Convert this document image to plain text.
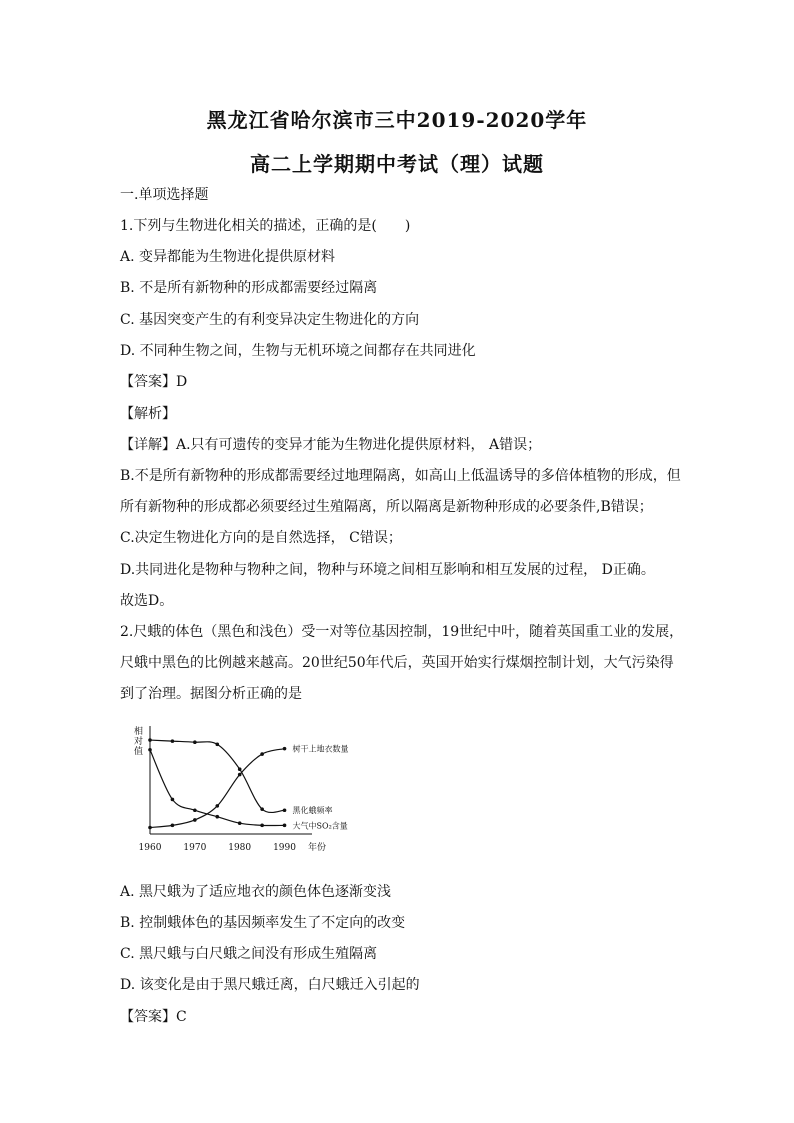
黑龙江省哈尔滨市三中2019-2020学年
高二上学期期中考试（理）试题
一.单项选择题
1.下列与生物进化相关的描述，正确的是(　　)
A. 变异都能为生物进化提供原材料
B. 不是所有新物种的形成都需要经过隔离
C. 基因突变产生的有利变异决定生物进化的方向
D. 不同种生物之间，生物与无机环境之间都存在共同进化
【答案】D
【解析】
【详解】A.只有可遗传的变异才能为生物进化提供原材料， A错误；
B.不是所有新物种的形成都需要经过地理隔离，如高山上低温诱导的多倍体植物的形成，但
所有新物种的形成都必须要经过生殖隔离，所以隔离是新物种形成的必要条件,B错误；
C.决定生物进化方向的是自然选择， C错误；
D.共同进化是物种与物种之间，物种与环境之间相互影响和相互发展的过程， D正确。
故选D。
2.尺蛾的体色（黑色和浅色）受一对等位基因控制，19世纪中叶，随着英国重工业的发展，
尺蛾中黑色的比例越来越高。20世纪50年代后，英国开始实行煤烟控制计划，大气污染得
到了治理。据图分析正确的是
相对值
1960 1970 1980 1990 年份
树干上地衣数量
黑化蛾频率
大气中SO₂含量
A. 黑尺蛾为了适应地衣的颜色体色逐渐变浅
B. 控制蛾体色的基因频率发生了不定向的改变
C. 黑尺蛾与白尺蛾之间没有形成生殖隔离
D. 该变化是由于黑尺蛾迁离，白尺蛾迁入引起的
【答案】C
